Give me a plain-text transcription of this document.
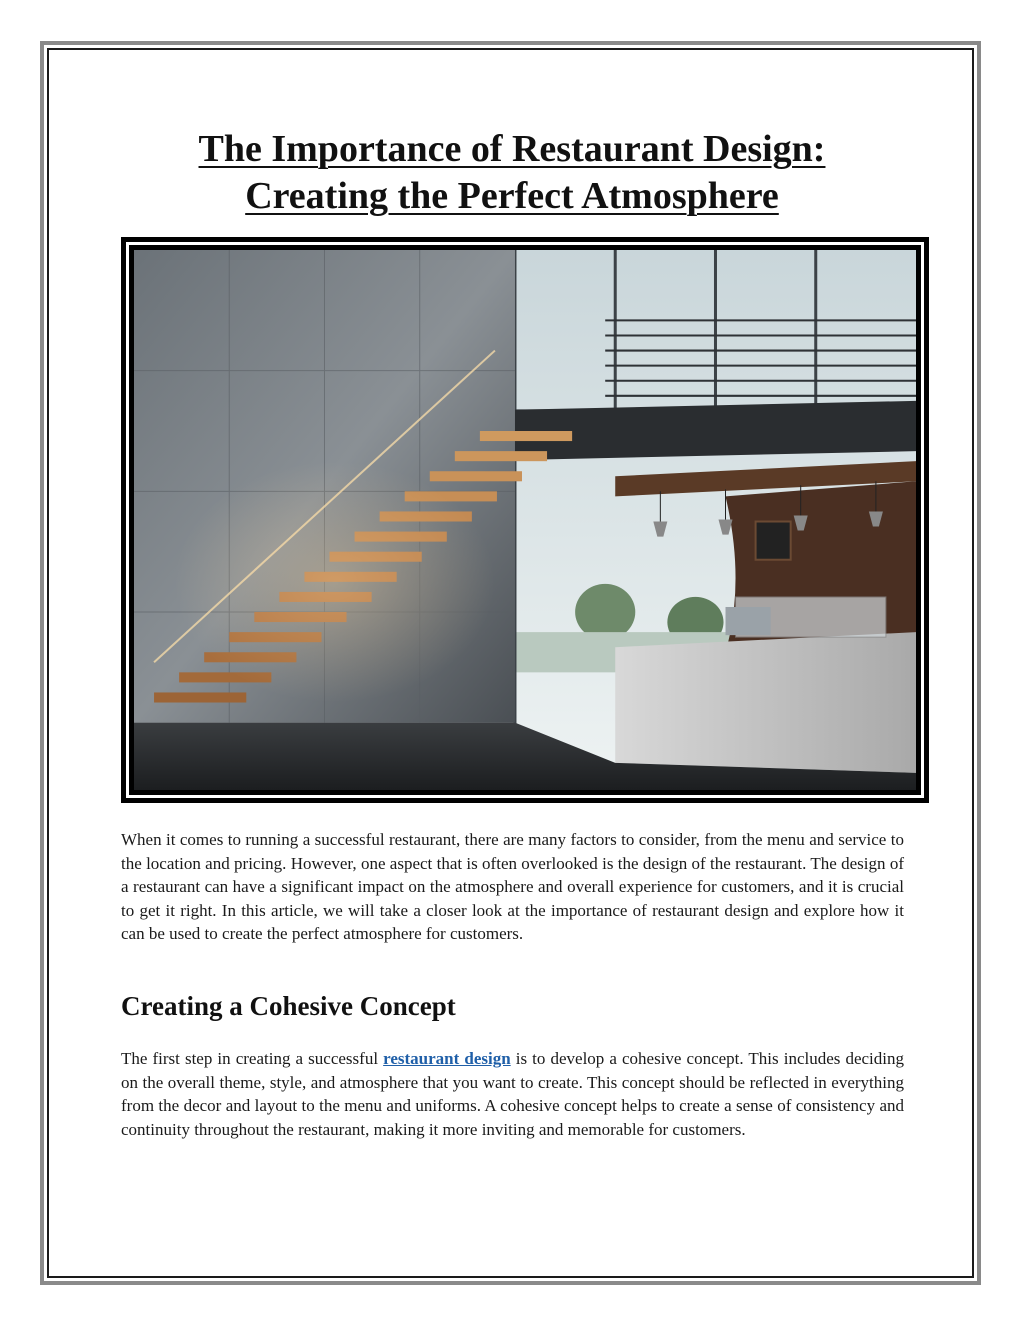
The Importance of Restaurant Design:
Creating the Perfect Atmosphere

When it comes to running a successful restaurant, there are many factors to consider, from the menu and service to the location and pricing. However, one aspect that is often overlooked is the design of the restaurant. The design of a restaurant can have a significant impact on the atmosphere and overall experience for customers, and it is crucial to get it right. In this article, we will take a closer look at the importance of restaurant design and explore how it can be used to create the perfect atmosphere for customers.

Creating a Cohesive Concept

The first step in creating a successful restaurant design is to develop a cohesive concept. This includes deciding on the overall theme, style, and atmosphere that you want to create. This concept should be reflected in everything from the decor and layout to the menu and uniforms. A cohesive concept helps to create a sense of consistency and continuity throughout the restaurant, making it more inviting and memorable for customers.
